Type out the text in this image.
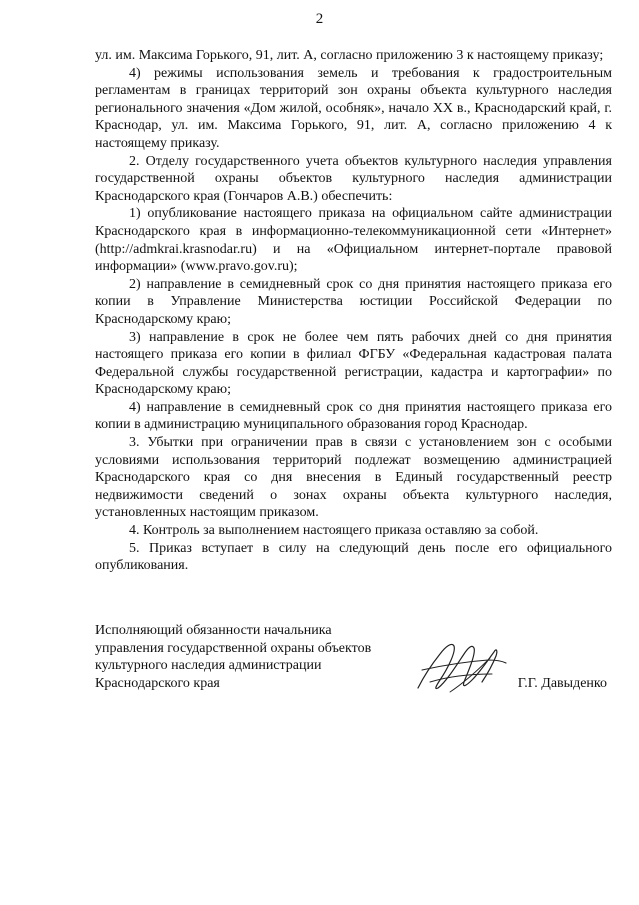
2

ул. им. Максима Горького, 91, лит. А, согласно приложению 3 к настоящему приказу;

4) режимы использования земель и требования к градостроительным регламентам в границах территорий зон охраны объекта культурного наследия регионального значения «Дом жилой, особняк», начало ХХ в., Краснодарский край, г. Краснодар, ул. им. Максима Горького, 91, лит. А, согласно приложению 4 к настоящему приказу.

2. Отделу государственного учета объектов культурного наследия управления государственной охраны объектов культурного наследия администрации Краснодарского края (Гончаров А.В.) обеспечить:

1) опубликование настоящего приказа на официальном сайте администрации Краснодарского края в информационно-телекоммуникационной сети «Интернет» (http://admkrai.krasnodar.ru) и на «Официальном интернет-портале правовой информации» (www.pravo.gov.ru);

2) направление в семидневный срок со дня принятия настоящего приказа его копии в Управление Министерства юстиции Российской Федерации по Краснодарскому краю;

3) направление в срок не более чем пять рабочих дней со дня принятия настоящего приказа его копии в филиал ФГБУ «Федеральная кадастровая палата Федеральной службы государственной регистрации, кадастра и картографии» по Краснодарскому краю;

4) направление в семидневный срок со дня принятия настоящего приказа его копии в администрацию муниципального образования город Краснодар.

3. Убытки при ограничении прав в связи с установлением зон с особыми условиями использования территорий подлежат возмещению администрацией Краснодарского края со дня внесения в Единый государственный реестр недвижимости сведений о зонах охраны объекта культурного наследия, установленных настоящим приказом.

4. Контроль за выполнением настоящего приказа оставляю за собой.

5. Приказ вступает в силу на следующий день после его официального опубликования.

Исполняющий обязанности начальника
управления государственной охраны объектов
культурного наследия администрации
Краснодарского края	Г.Г. Давыденко
